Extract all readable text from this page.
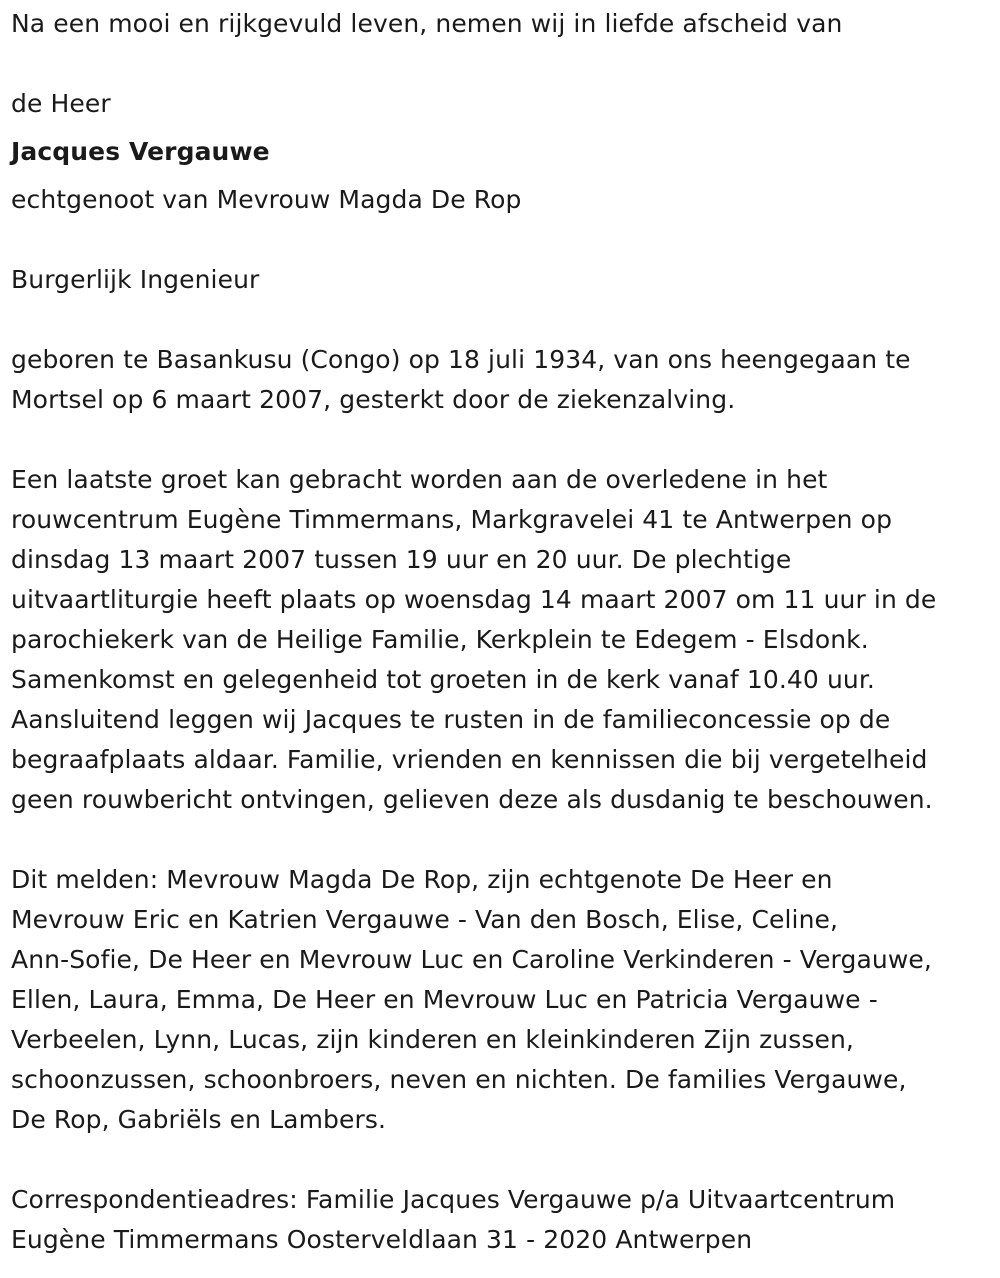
Na een mooi en rijkgevuld leven, nemen wij in liefde afscheid van

de Heer

Jacques Vergauwe

echtgenoot van Mevrouw Magda De Rop

Burgerlijk Ingenieur

geboren te Basankusu (Congo) op 18 juli 1934, van ons heengegaan te
Mortsel op 6 maart 2007, gesterkt door de ziekenzalving.
Een laatste groet kan gebracht worden aan de overledene in het
rouwcentrum Eugène Timmermans, Markgravelei 41 te Antwerpen op
dinsdag 13 maart 2007 tussen 19 uur en 20 uur. De plechtige
uitvaartliturgie heeft plaats op woensdag 14 maart 2007 om 11 uur in de
parochiekerk van de Heilige Familie, Kerkplein te Edegem - Elsdonk.
Samenkomst en gelegenheid tot groeten in de kerk vanaf 10.40 uur.
Aansluitend leggen wij Jacques te rusten in de familieconcessie op de
begraafplaats aldaar. Familie, vrienden en kennissen die bij vergetelheid
geen rouwbericht ontvingen, gelieven deze als dusdanig te beschouwen.
Dit melden: Mevrouw Magda De Rop, zijn echtgenote De Heer en
Mevrouw Eric en Katrien Vergauwe - Van den Bosch, Elise, Celine,
Ann-Sofie, De Heer en Mevrouw Luc en Caroline Verkinderen - Vergauwe,
Ellen, Laura, Emma, De Heer en Mevrouw Luc en Patricia Vergauwe -
Verbeelen, Lynn, Lucas, zijn kinderen en kleinkinderen Zijn zussen,
schoonzussen, schoonbroers, neven en nichten. De families Vergauwe,
De Rop, Gabriëls en Lambers.
Correspondentieadres: Familie Jacques Vergauwe p/a Uitvaartcentrum
Eugène Timmermans Oosterveldlaan 31 - 2020 Antwerpen
